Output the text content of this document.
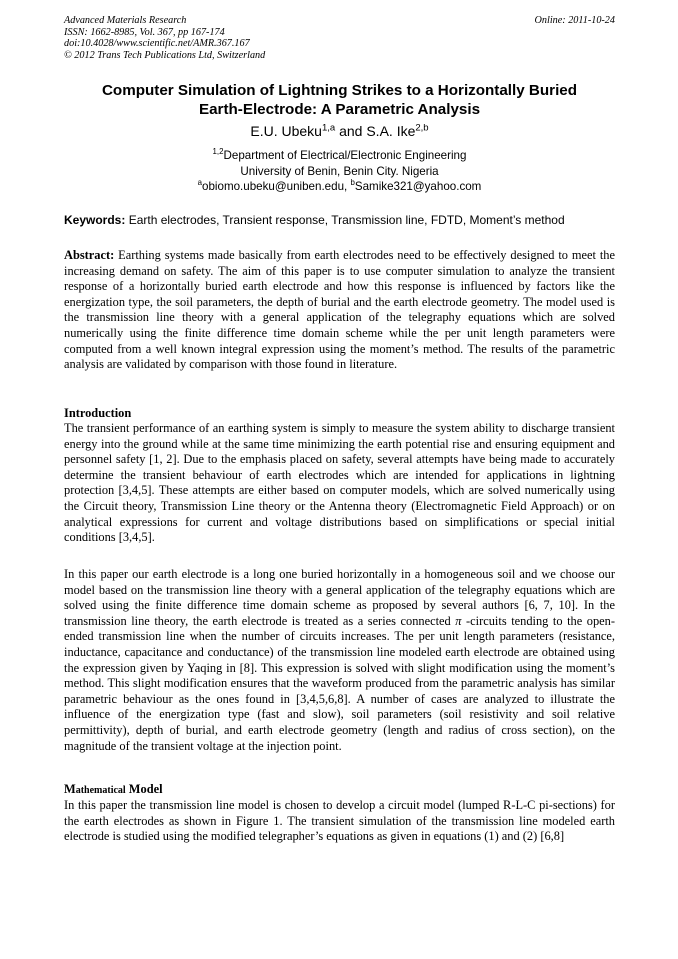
Advanced Materials Research
ISSN: 1662-8985, Vol. 367, pp 167-174
doi:10.4028/www.scientific.net/AMR.367.167
© 2012 Trans Tech Publications Ltd, Switzerland
Online: 2011-10-24
Computer Simulation of Lightning Strikes to a Horizontally Buried
Earth-Electrode: A Parametric Analysis
E.U. Ubeku$^{1,a}$ and S.A. Ike$^{2,b}$
$^{1,2}$Department of Electrical/Electronic Engineering
University of Benin, Benin City. Nigeria
$^a$obiomo.ubeku@uniben.edu, $^b$Samike321@yahoo.com
Keywords: Earth electrodes, Transient response, Transmission line, FDTD, Moment’s method
Abstract: Earthing systems made basically from earth electrodes need to be effectively designed to meet the increasing demand on safety. The aim of this paper is to use computer simulation to analyze the transient response of a horizontally buried earth electrode and how this response is influenced by factors like the energization type, the soil parameters, the depth of burial and the earth electrode geometry. The model used is the transmission line theory with a general application of the telegraphy equations which are solved numerically using the finite difference time domain scheme while the per unit length parameters were computed from a well known integral expression using the moment’s method. The results of the parametric analysis are validated by comparison with those found in literature.
Introduction
The transient performance of an earthing system is simply to measure the system ability to discharge transient energy into the ground while at the same time minimizing the earth potential rise and ensuring equipment and personnel safety [1, 2]. Due to the emphasis placed on safety, several attempts have being made to accurately determine the transient behaviour of earth electrodes which are intended for applications in lightning protection [3,4,5]. These attempts are either based on computer models, which are solved numerically using the Circuit theory, Transmission Line theory or the Antenna theory (Electromagnetic Field Approach) or on analytical expressions for current and voltage distributions based on simplifications or special initial conditions [3,4,5].
In this paper our earth electrode is a long one buried horizontally in a homogeneous soil and we choose our model based on the transmission line theory with a general application of the telegraphy equations which are solved using the finite difference time domain scheme as proposed by several authors [6, 7, 10]. In the transmission line theory, the earth electrode is treated as a series connected π -circuits tending to the open-ended transmission line when the number of circuits increases. The per unit length parameters (resistance, inductance, capacitance and conductance) of the transmission line modeled earth electrode are obtained using the expression given by Yaqing in [8]. This expression is solved with slight modification using the moment’s method. This slight modification ensures that the waveform produced from the parametric analysis has similar parametric behaviour as the ones found in [3,4,5,6,8]. A number of cases are analyzed to illustrate the influence of the energization type (fast and slow), soil parameters (soil resistivity and soil relative permittivity), depth of burial, and earth electrode geometry (length and radius of cross section), on the magnitude of the transient voltage at the injection point.
Mathematical Model
In this paper the transmission line model is chosen to develop a circuit model (lumped R-L-C pi-sections) for the earth electrodes as shown in Figure 1. The transient simulation of the transmission line modeled earth electrode is studied using the modified telegrapher’s equations as given in equations (1) and (2) [6,8]
